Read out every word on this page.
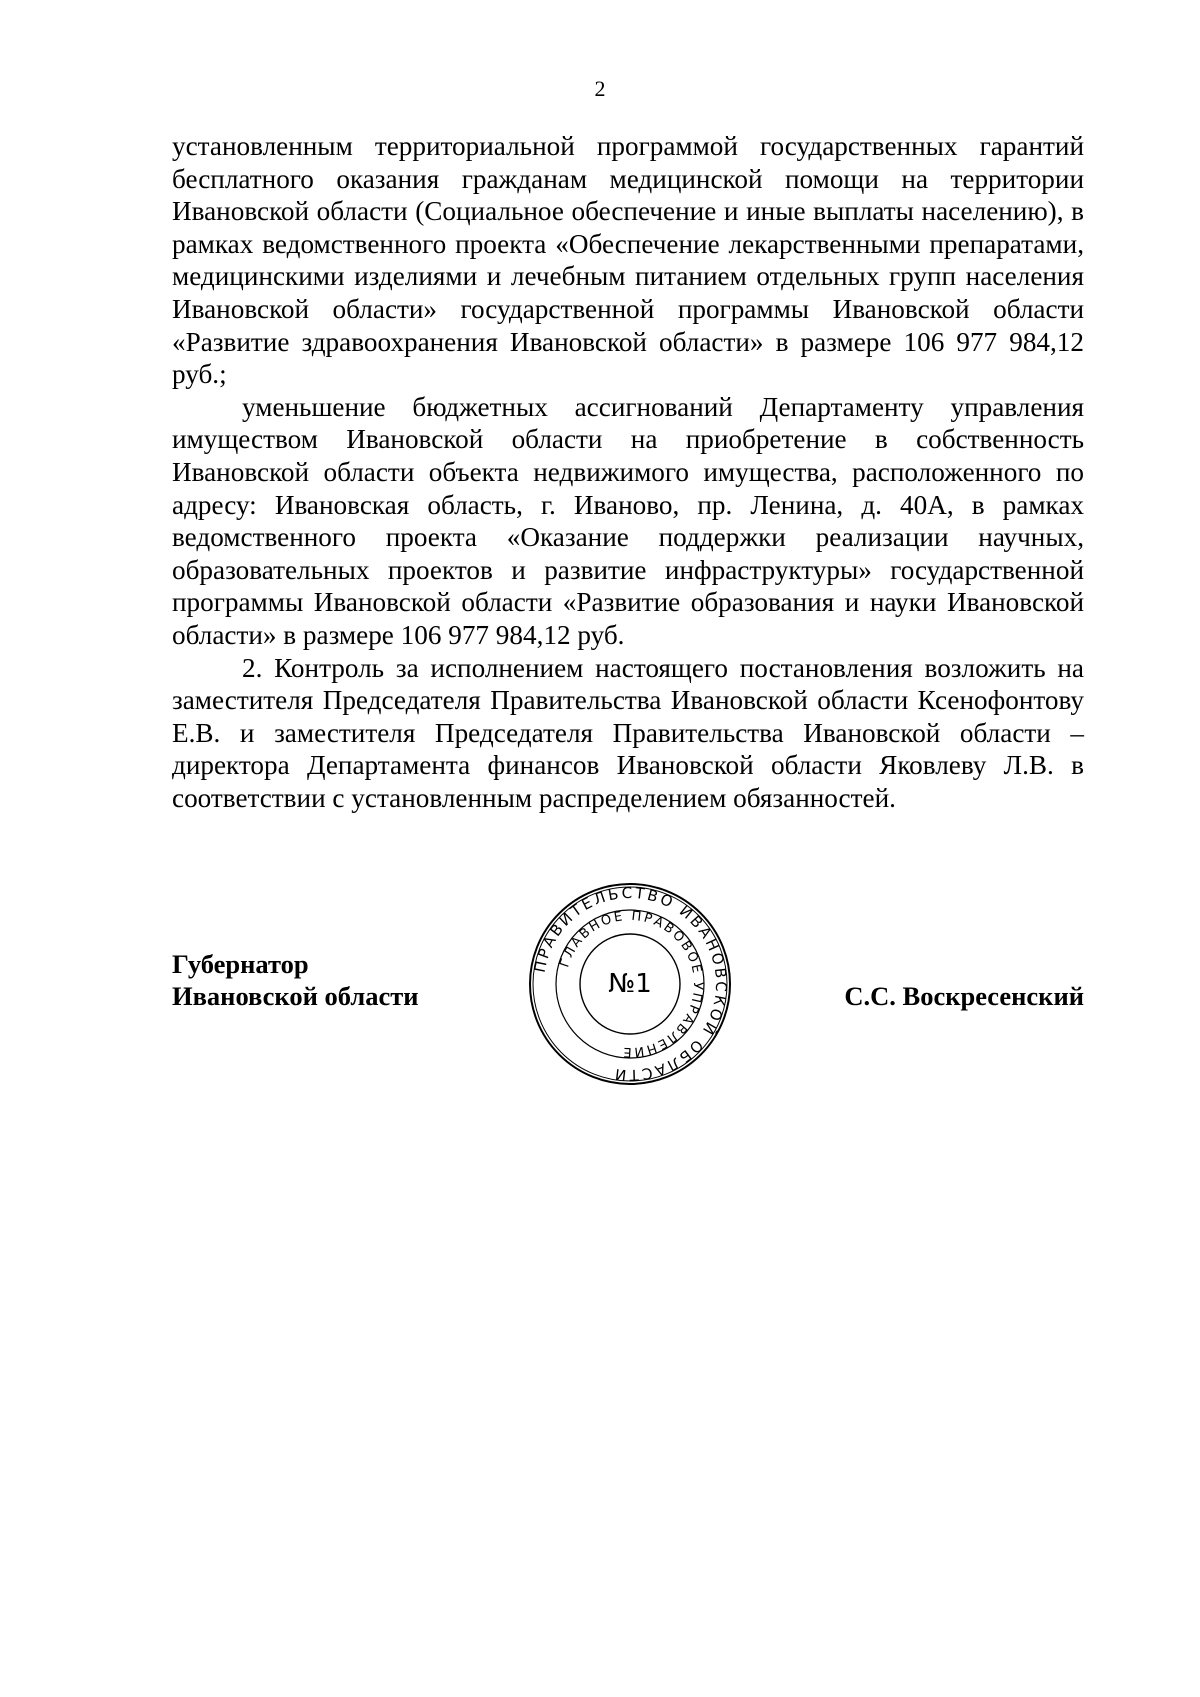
2

установленным территориальной программой государственных гарантий бесплатного оказания гражданам медицинской помощи на территории Ивановской области (Социальное обеспечение и иные выплаты населению), в рамках ведомственного проекта «Обеспечение лекарственными препаратами, медицинскими изделиями и лечебным питанием отдельных групп населения Ивановской области» государственной программы Ивановской области «Развитие здравоохранения Ивановской области» в размере 106 977 984,12 руб.;

уменьшение бюджетных ассигнований Департаменту управления имуществом Ивановской области на приобретение в собственность Ивановской области объекта недвижимого имущества, расположенного по адресу: Ивановская область, г. Иваново, пр. Ленина, д. 40А, в рамках ведомственного проекта «Оказание поддержки реализации научных, образовательных проектов и развитие инфраструктуры» государственной программы Ивановской области «Развитие образования и науки Ивановской области» в размере 106 977 984,12 руб.

2. Контроль за исполнением настоящего постановления возложить на заместителя Председателя Правительства Ивановской области Ксенофонтову Е.В. и заместителя Председателя Правительства Ивановской области – директора Департамента финансов Ивановской области Яковлеву Л.В. в соответствии с установленным распределением обязанностей.

Губернатор
Ивановской области
ПРАВИТЕЛЬСТВО ИВАНОВСКОЙ ОБЛАСТИ
ГЛАВНОЕ ПРАВОВОЕ УПРАВЛЕНИЕ
№1	С.С. Воскресенский
